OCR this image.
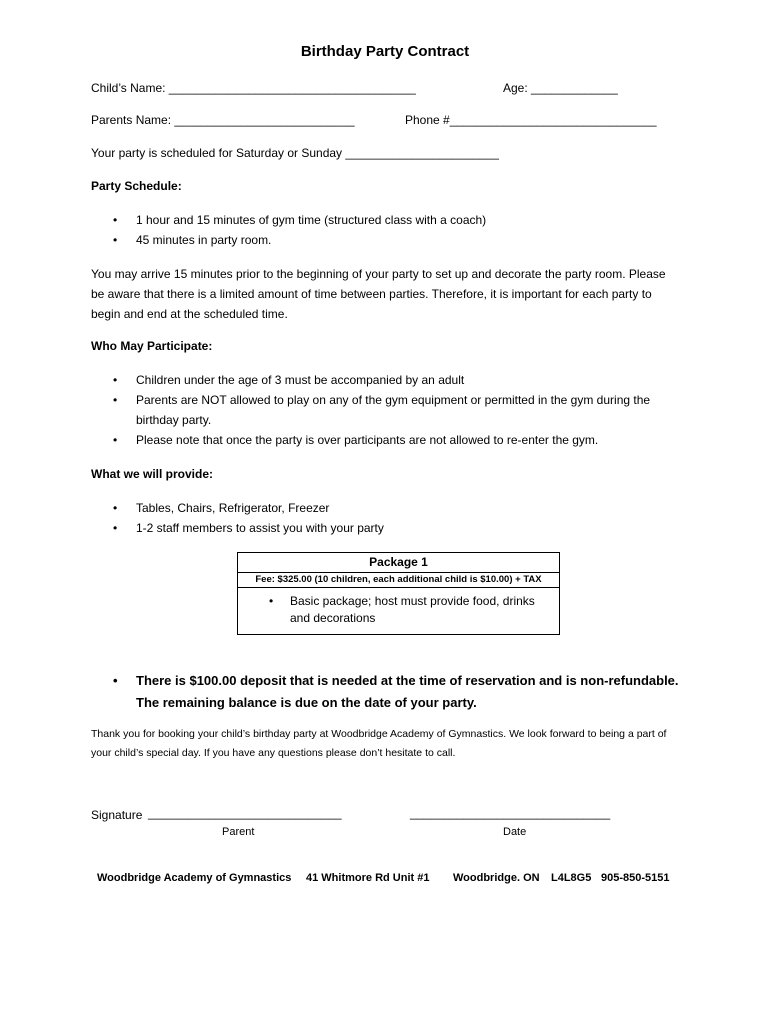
Birthday Party Contract
Child’s Name: _____________________________________	Age: _____________
Parents Name: ___________________________	Phone #_______________________________
Your party is scheduled for Saturday or Sunday _______________________
Party Schedule:
• 1 hour and 15 minutes of gym time (structured class with a coach)
• 45 minutes in party room.
You may arrive 15 minutes prior to the beginning of your party to set up and decorate the party room. Please be aware that there is a limited amount of time between parties. Therefore, it is important for each party to begin and end at the scheduled time.
Who May Participate:
• Children under the age of 3 must be accompanied by an adult
• Parents are NOT allowed to play on any of the gym equipment or permitted in the gym during the birthday party.
• Please note that once the party is over participants are not allowed to re-enter the gym.
What we will provide:
• Tables, Chairs, Refrigerator, Freezer
• 1-2 staff members to assist you with your party
Package 1
Fee: $325.00 (10 children, each additional child is $10.00) + TAX
• Basic package; host must provide food, drinks and decorations
•	There is $100.00 deposit that is needed at the time of reservation and is non-refundable. The remaining balance is due on the date of your party.
Thank you for booking your child’s birthday party at Woodbridge Academy of Gymnastics. We look forward to being a part of your child’s special day. If you have any questions please don’t hesitate to call.
Signature _____________________________	______________________________
Parent	Date
Woodbridge Academy of Gymnastics 41 Whitmore Rd Unit #1 Woodbridge. ON L4L8G5 905-850-5151
